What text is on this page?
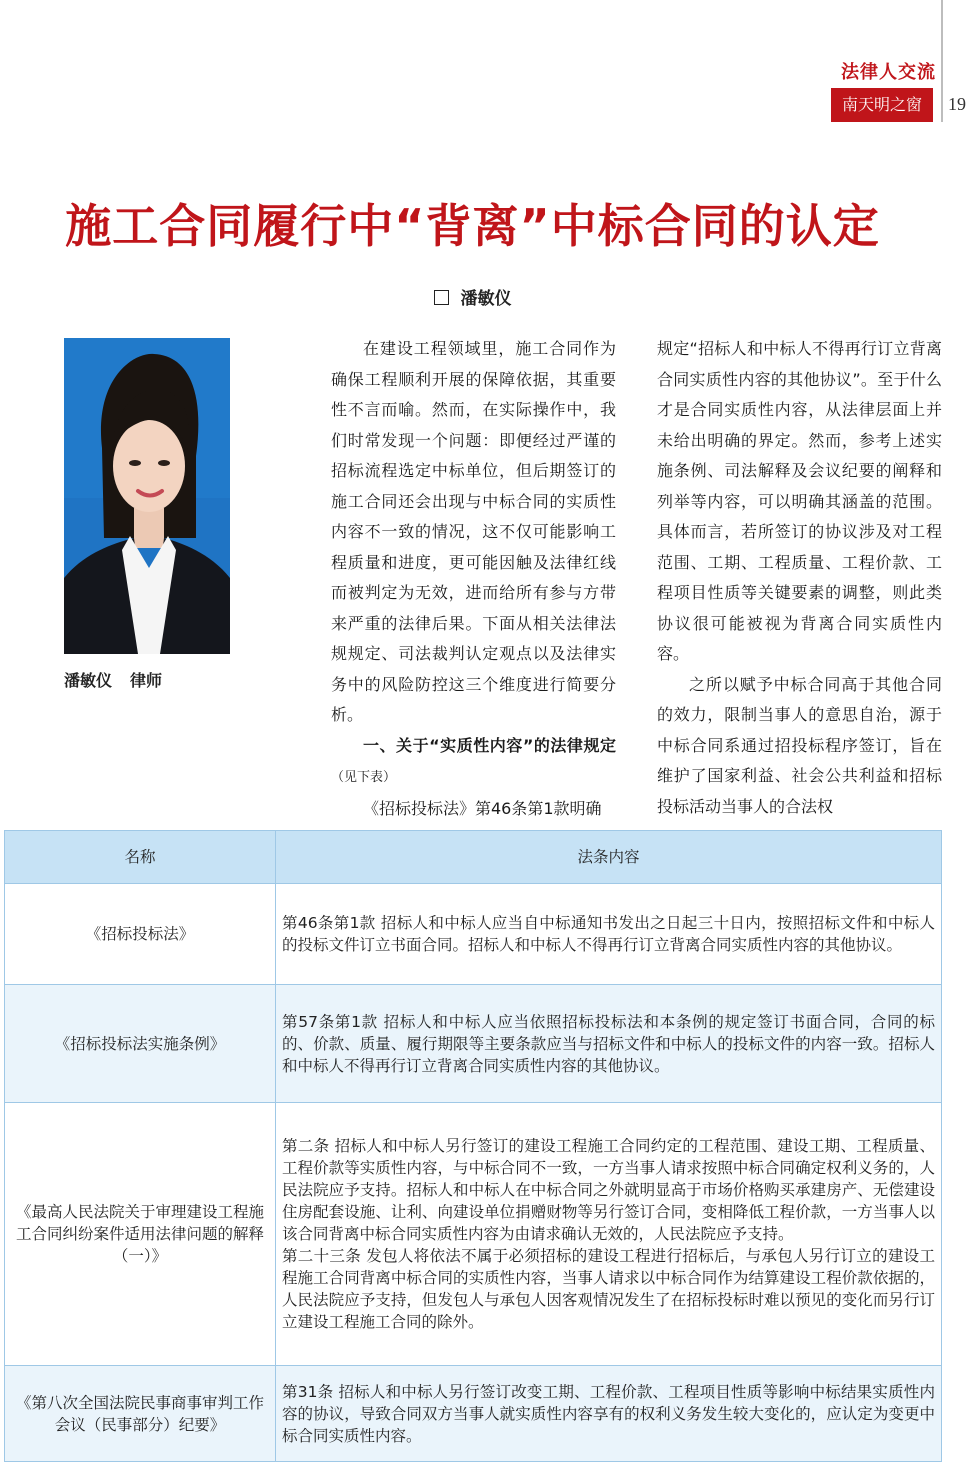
法律人交流
南天明之窗	19
施工合同履行中“背离”中标合同的认定
潘敏仪
潘敏仪 律师

在建设工程领域里，施工合同作为确保工程顺利开展的保障依据，其重要性不言而喻。然而，在实际操作中，我们时常发现一个问题：即便经过严谨的招标流程选定中标单位，但后期签订的施工合同还会出现与中标合同的实质性内容不一致的情况，这不仅可能影响工程质量和进度，更可能因触及法律红线而被判定为无效，进而给所有参与方带来严重的法律后果。下面从相关法律法规规定、司法裁判认定观点以及法律实务中的风险防控这三个维度进行简要分析。

一、关于“实质性内容”的法律规定（见下表）

《招标投标法》第46条第1款明确

规定“招标人和中标人不得再行订立背离合同实质性内容的其他协议”。至于什么才是合同实质性内容，从法律层面上并未给出明确的界定。然而，参考上述实施条例、司法解释及会议纪要的阐释和列举等内容，可以明确其涵盖的范围。具体而言，若所签订的协议涉及对工程范围、工期、工程质量、工程价款、工程项目性质等关键要素的调整，则此类协议很可能被视为背离合同实质性内容。

之所以赋予中标合同高于其他合同的效力，限制当事人的意思自治，源于中标合同系通过招投标程序签订，旨在维护了国家利益、社会公共利益和招标投标活动当事人的合法权

名称	法条内容
《招标投标法》	第46条第1款 招标人和中标人应当自中标通知书发出之日起三十日内，按照招标文件和中标人的投标文件订立书面合同。招标人和中标人不得再行订立背离合同实质性内容的其他协议。
《招标投标法实施条例》	第57条第1款 招标人和中标人应当依照招标投标法和本条例的规定签订书面合同，合同的标的、价款、质量、履行期限等主要条款应当与招标文件和中标人的投标文件的内容一致。招标人和中标人不得再行订立背离合同实质性内容的其他协议。
《最高人民法院关于审理建设工程施工合同纠纷案件适用法律问题的解释（一）》	第二条 招标人和中标人另行签订的建设工程施工合同约定的工程范围、建设工期、工程质量、工程价款等实质性内容，与中标合同不一致，一方当事人请求按照中标合同确定权利义务的，人民法院应予支持。招标人和中标人在中标合同之外就明显高于市场价格购买承建房产、无偿建设住房配套设施、让利、向建设单位捐赠财物等另行签订合同，变相降低工程价款，一方当事人以该合同背离中标合同实质性内容为由请求确认无效的，人民法院应予支持。
第二十三条 发包人将依法不属于必须招标的建设工程进行招标后，与承包人另行订立的建设工程施工合同背离中标合同的实质性内容，当事人请求以中标合同作为结算建设工程价款依据的，人民法院应予支持，但发包人与承包人因客观情况发生了在招标投标时难以预见的变化而另行订立建设工程施工合同的除外。

《第八次全国法院民事商事审判工作会议（民事部分）纪要》	第31条 招标人和中标人另行签订改变工期、工程价款、工程项目性质等影响中标结果实质性内容的协议，导致合同双方当事人就实质性内容享有的权利义务发生较大变化的，应认定为变更中标合同实质性内容。
